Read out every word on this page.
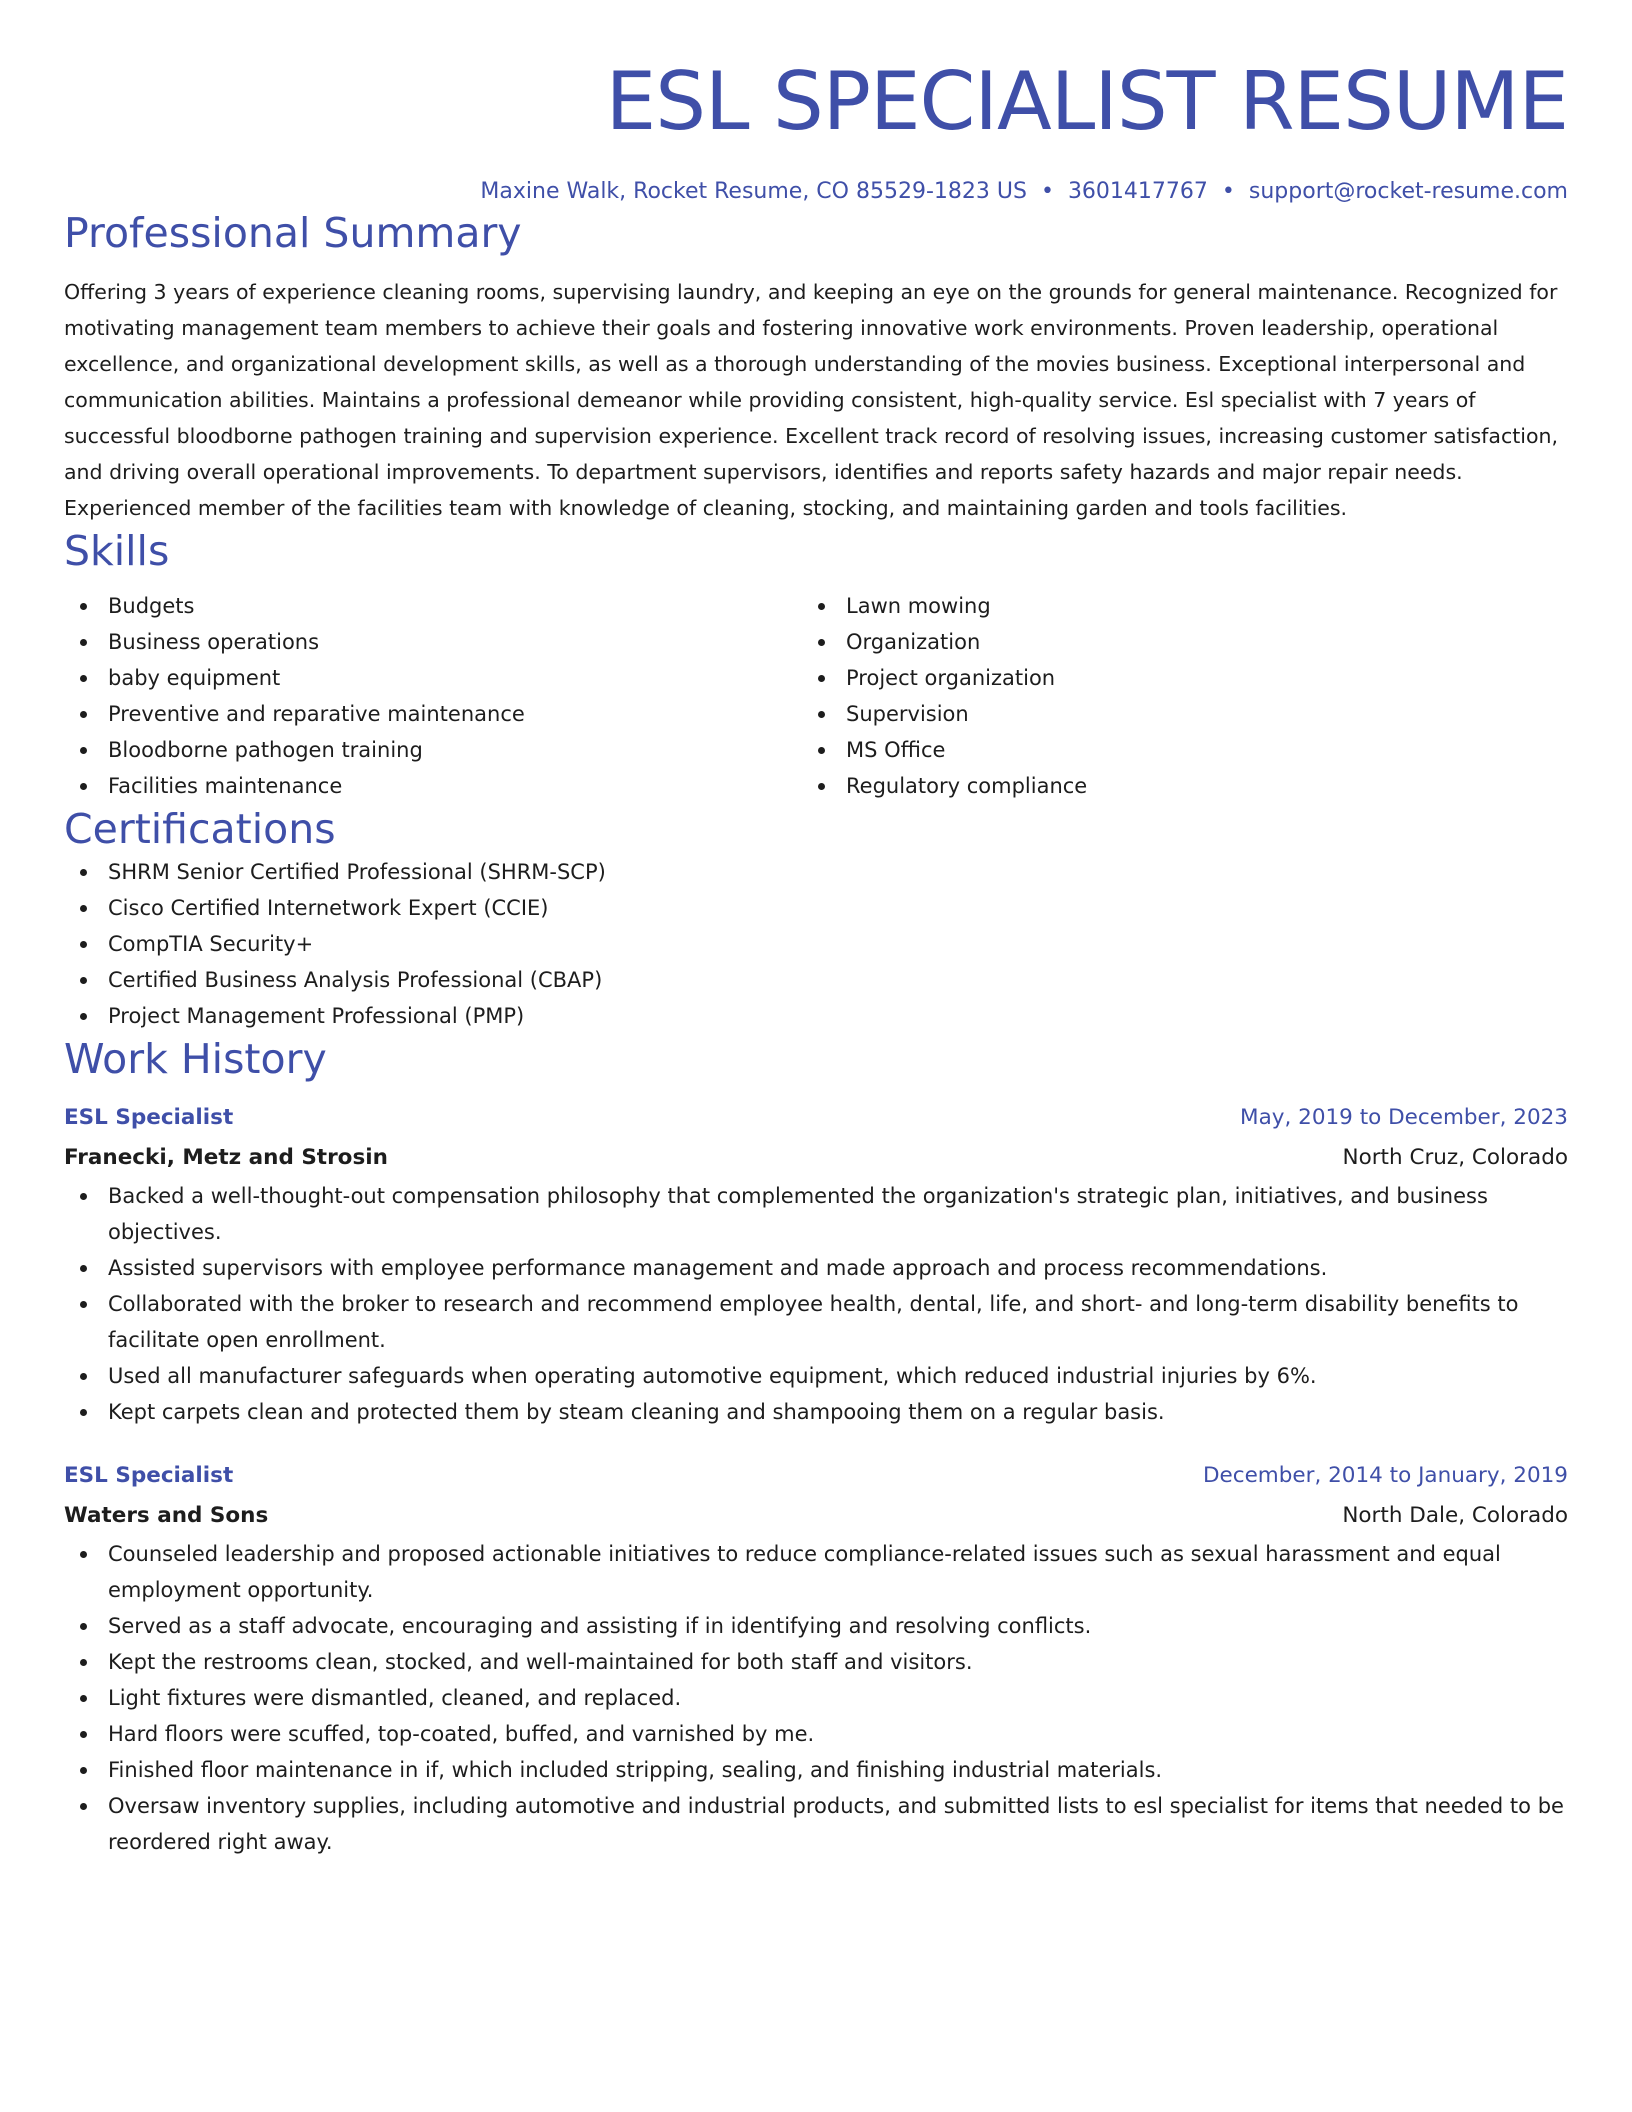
ESL SPECIALIST RESUME
Maxine Walk, Rocket Resume, CO 85529-1823 US • 3601417767 • support@rocket-resume.com
Professional Summary
Offering 3 years of experience cleaning rooms, supervising laundry, and keeping an eye on the grounds for general maintenance. Recognized for motivating management team members to achieve their goals and fostering innovative work environments. Proven leadership, operational excellence, and organizational development skills, as well as a thorough understanding of the movies business. Exceptional interpersonal and communication abilities. Maintains a professional demeanor while providing consistent, high-quality service. Esl specialist with 7 years of successful bloodborne pathogen training and supervision experience. Excellent track record of resolving issues, increasing customer satisfaction, and driving overall operational improvements. To department supervisors, identifies and reports safety hazards and major repair needs. Experienced member of the facilities team with knowledge of cleaning, stocking, and maintaining garden and tools facilities.
Skills
Budgets
Business operations
baby equipment
Preventive and reparative maintenance
Bloodborne pathogen training
Facilities maintenance
Lawn mowing
Organization
Project organization
Supervision
MS Office
Regulatory compliance
Certifications
SHRM Senior Certified Professional (SHRM-SCP)
Cisco Certified Internetwork Expert (CCIE)
CompTIA Security+
Certified Business Analysis Professional (CBAP)
Project Management Professional (PMP)
Work History
ESL Specialist	May, 2019 to December, 2023
Franecki, Metz and Strosin	North Cruz, Colorado
Backed a well-thought-out compensation philosophy that complemented the organization's strategic plan, initiatives, and business objectives.
Assisted supervisors with employee performance management and made approach and process recommendations.
Collaborated with the broker to research and recommend employee health, dental, life, and short- and long-term disability benefits to facilitate open enrollment.
Used all manufacturer safeguards when operating automotive equipment, which reduced industrial injuries by 6%.
Kept carpets clean and protected them by steam cleaning and shampooing them on a regular basis.
ESL Specialist	December, 2014 to January, 2019
Waters and Sons	North Dale, Colorado
Counseled leadership and proposed actionable initiatives to reduce compliance-related issues such as sexual harassment and equal employment opportunity.
Served as a staff advocate, encouraging and assisting if in identifying and resolving conflicts.
Kept the restrooms clean, stocked, and well-maintained for both staff and visitors.
Light fixtures were dismantled, cleaned, and replaced.
Hard floors were scuffed, top-coated, buffed, and varnished by me.
Finished floor maintenance in if, which included stripping, sealing, and finishing industrial materials.
Oversaw inventory supplies, including automotive and industrial products, and submitted lists to esl specialist for items that needed to be reordered right away.
